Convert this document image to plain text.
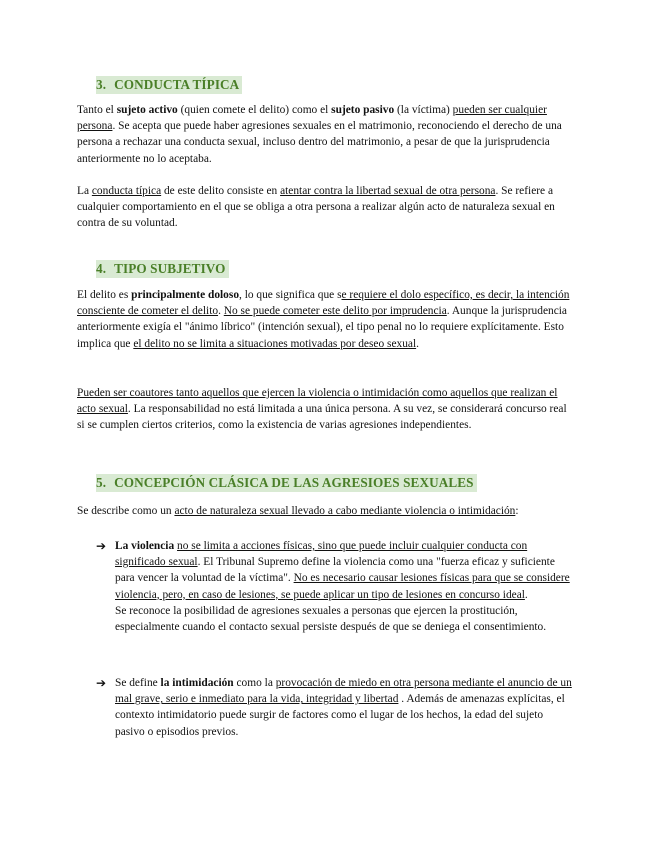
3. CONDUCTA TÍPICA

Tanto el sujeto activo (quien comete el delito) como el sujeto pasivo (la víctima) pueden ser cualquier persona. Se acepta que puede haber agresiones sexuales en el matrimonio, reconociendo el derecho de una persona a rechazar una conducta sexual, incluso dentro del matrimonio, a pesar de que la jurisprudencia anteriormente no lo aceptaba.

La conducta típica de este delito consiste en atentar contra la libertad sexual de otra persona. Se refiere a cualquier comportamiento en el que se obliga a otra persona a realizar algún acto de naturaleza sexual en contra de su voluntad.

4. TIPO SUBJETIVO

El delito es principalmente doloso, lo que significa que se requiere el dolo específico, es decir, la intención consciente de cometer el delito. No se puede cometer este delito por imprudencia. Aunque la jurisprudencia anteriormente exigía el "ánimo líbrico" (intención sexual), el tipo penal no lo requiere explícitamente. Esto implica que el delito no se limita a situaciones motivadas por deseo sexual.

Pueden ser coautores tanto aquellos que ejercen la violencia o intimidación como aquellos que realizan el acto sexual. La responsabilidad no está limitada a una única persona. A su vez, se considerará concurso real si se cumplen ciertos criterios, como la existencia de varias agresiones independientes.

5. CONCEPCIÓN CLÁSICA DE LAS AGRESIOES SEXUALES

Se describe como un acto de naturaleza sexual llevado a cabo mediante violencia o intimidación:

➔ La violencia no se limita a acciones físicas, sino que puede incluir cualquier conducta con significado sexual. El Tribunal Supremo define la violencia como una "fuerza eficaz y suficiente para vencer la voluntad de la víctima". No es necesario causar lesiones físicas para que se considere violencia, pero, en caso de lesiones, se puede aplicar un tipo de lesiones en concurso ideal.
Se reconoce la posibilidad de agresiones sexuales a personas que ejercen la prostitución, especialmente cuando el contacto sexual persiste después de que se deniega el consentimiento.

➔ Se define la intimidación como la provocación de miedo en otra persona mediante el anuncio de un mal grave, serio e inmediato para la vida, integridad y libertad . Además de amenazas explícitas, el contexto intimidatorio puede surgir de factores como el lugar de los hechos, la edad del sujeto pasivo o episodios previos.
